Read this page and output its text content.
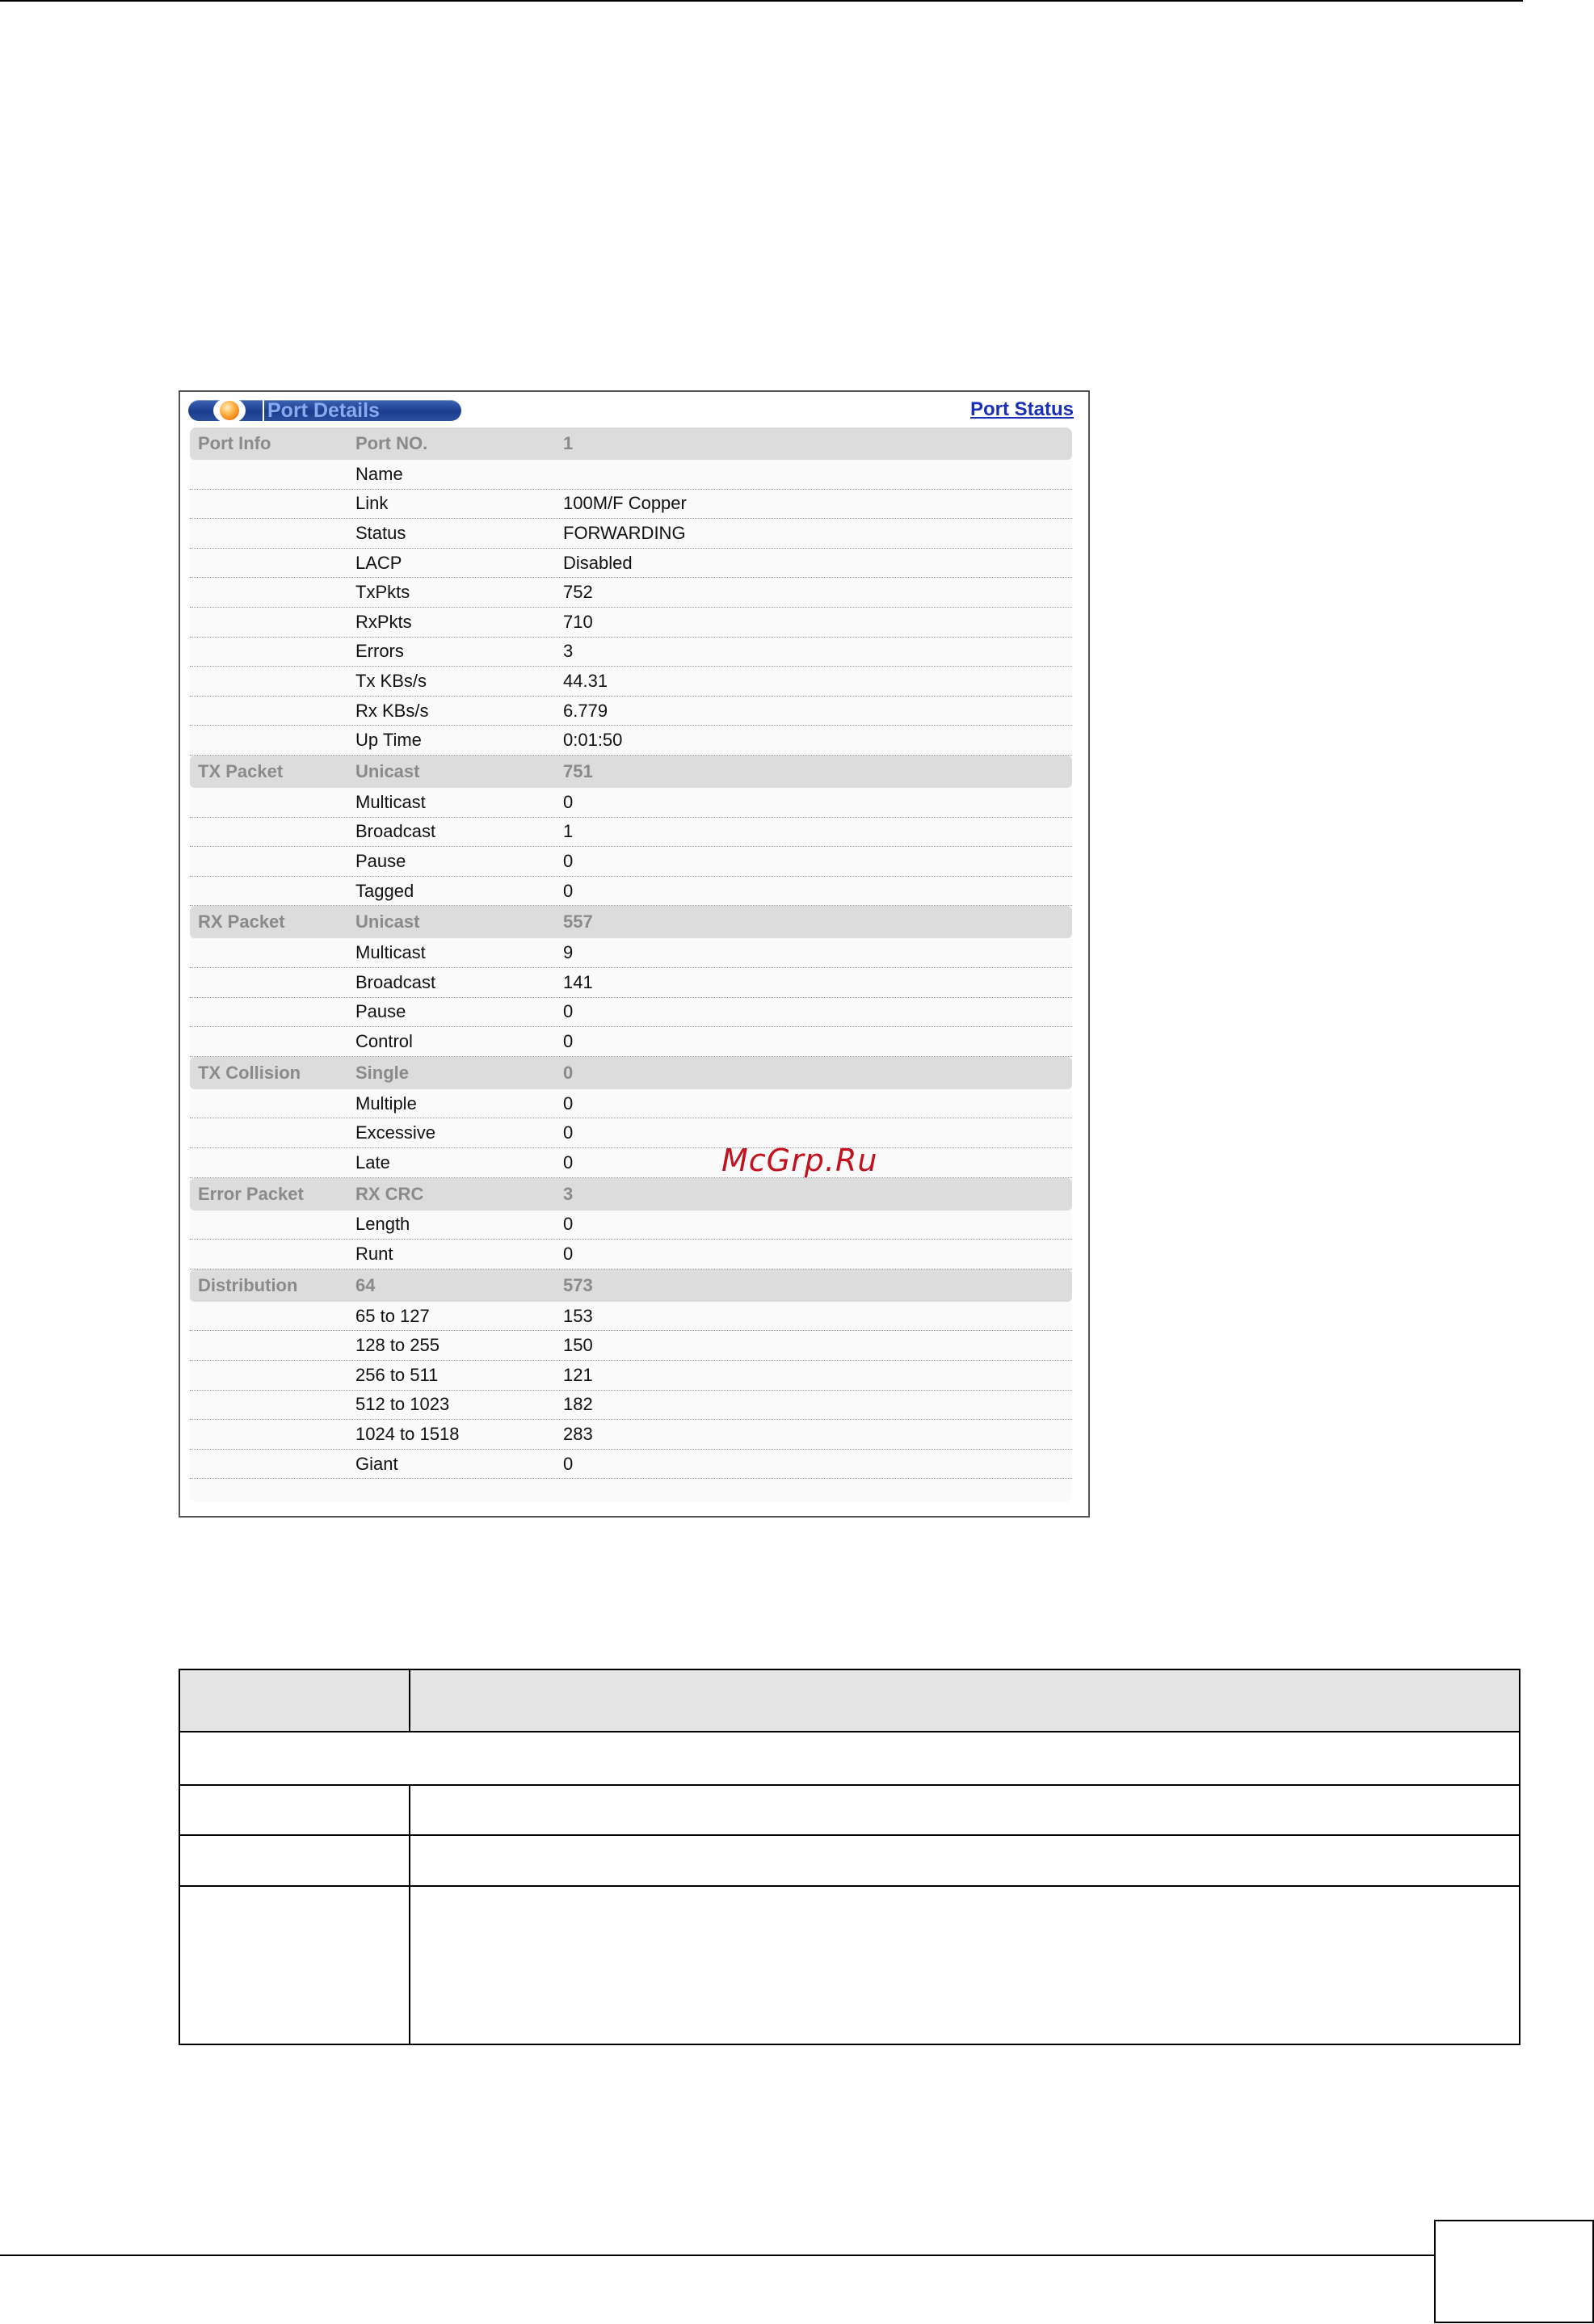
Port Details	Port Status
Port Info	Port NO.	1
Name
Link	100M/F Copper
Status	FORWARDING
LACP	Disabled
TxPkts	752
RxPkts	710
Errors	3
Tx KBs/s	44.31
Rx KBs/s	6.779
Up Time	0:01:50
TX Packet	Unicast	751
Multicast	0
Broadcast	1
Pause	0
Tagged	0
RX Packet	Unicast	557
Multicast	9
Broadcast	141
Pause	0
Control	0
TX Collision	Single	0
Multiple	0
Excessive	0
Late	0
Error Packet	RX CRC	3
Length	0
Runt	0
Distribution	64	573
65 to 127	153
128 to 255	150
256 to 511	121
512 to 1023	182
1024 to 1518	283
Giant	0
McGrp.Ru
